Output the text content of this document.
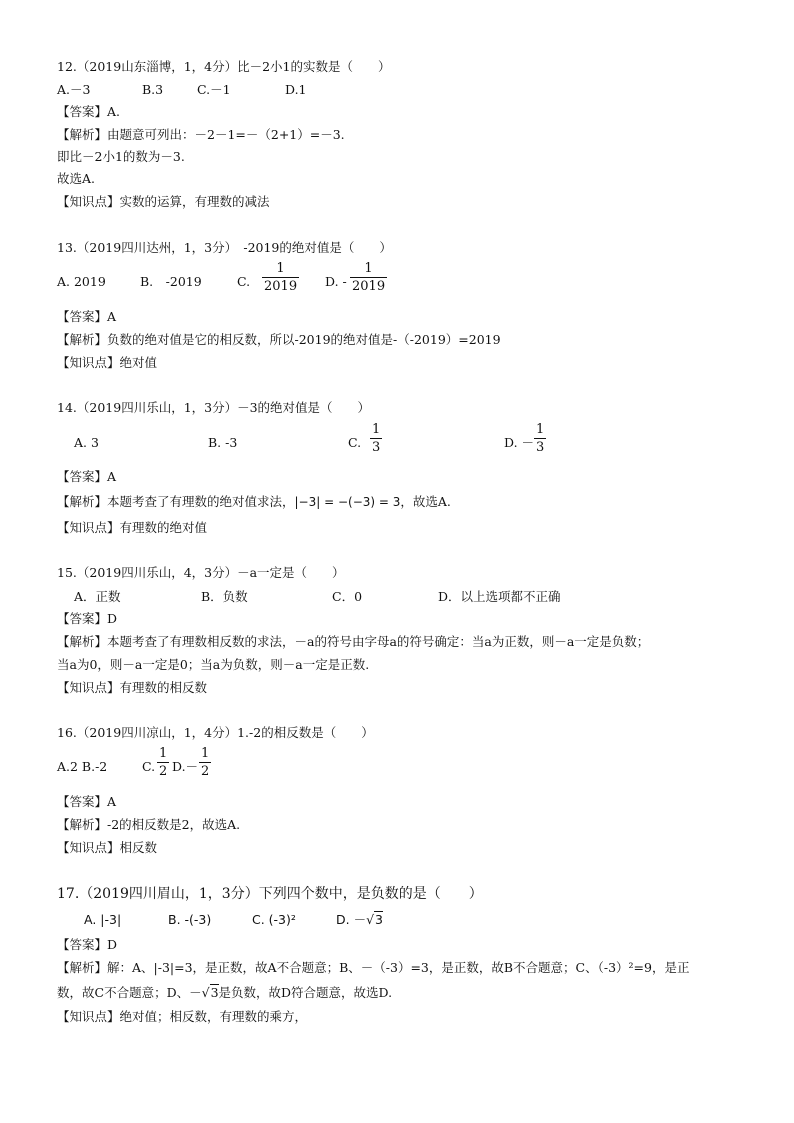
12.（2019山东淄博，1，4分）比－2小1的实数是（　　）
A.－3	B.3	C.－1	D.1
【答案】A.
【解析】由题意可列出：－2－1=－（2+1）=－3.
即比－2小1的数为－3.
故选A.
【知识点】实数的运算，有理数的减法
13.（2019四川达州，1，3分）　-2019的绝对值是（　　）
A. 2019	B.　-2019	C. $\frac{1}{2019} D$. - $\frac{1}{2019}$
【答案】A
【解析】负数的绝对值是它的相反数，所以-2019的绝对值是-（-2019）=2019
【知识点】绝对值
14.（2019四川乐山，1，3分）－3的绝对值是（　　）
A. 3	B. -3	C. $\frac{1}{3}$	D. － $\frac{1}{3}$
【答案】A
【解析】本题考查了有理数的绝对值求法，|−3| = −(−3) = 3，故选A.
【知识点】有理数的绝对值
15.（2019四川乐山，4，3分）－a一定是（　　）
A．正数	B．负数	C．0	D．以上选项都不正确
【答案】D
【解析】本题考查了有理数相反数的求法，－a的符号由字母a的符号确定：当a为正数，则－a一定是负数；
当a为0，则－a一定是0；当a为负数，则－a一定是正数.
【知识点】有理数的相反数
16.（2019四川凉山，1，4分）1.-2的相反数是（　　）
A.2 B.-2	C. $\frac{1}{2} D.- \frac{1}{2}$
【答案】A
【解析】-2的相反数是2，故选A.
【知识点】相反数
17.（2019四川眉山，1，3分）下列四个数中，是负数的是（　　）
A. |-3|	B. -(-3)	C. (-3)²	D. －√3
【答案】D
【解析】解：A、|-3|=3，是正数，故A不合题意；B、－（-3）=3，是正数，故B不合题意；C、（-3）²=9，是正
数，故C不合题意；D、－√3是负数，故D符合题意，故选D.
【知识点】绝对值；相反数，有理数的乘方，
